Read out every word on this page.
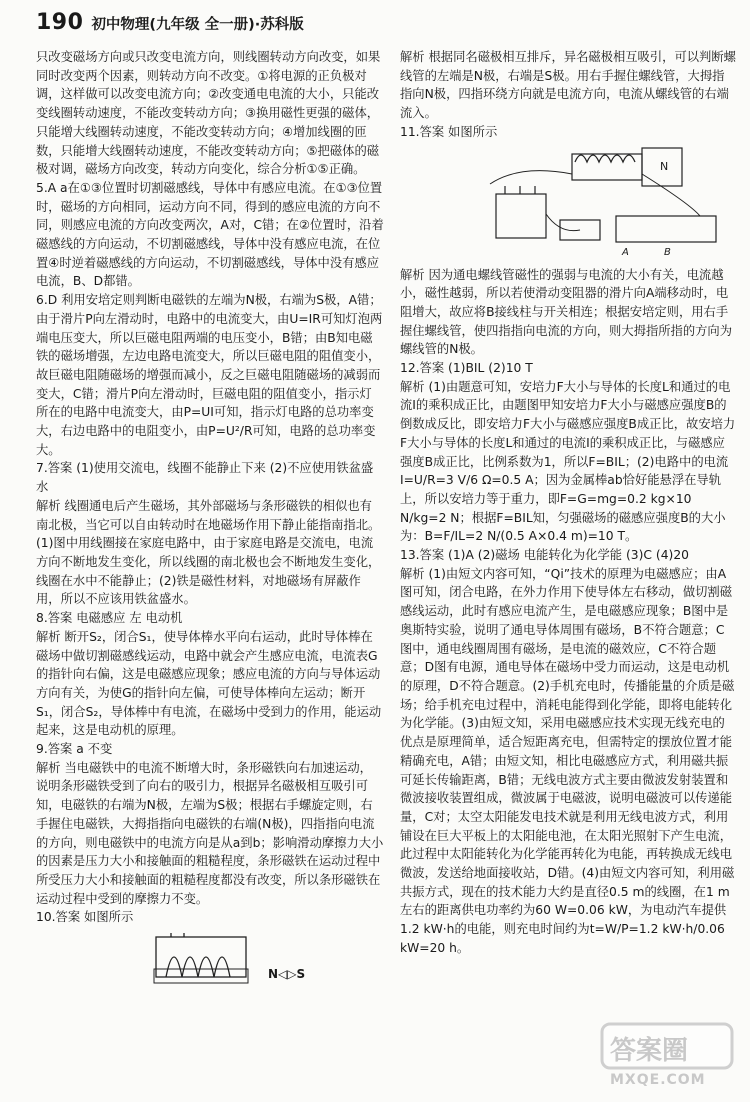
190 初中物理(九年级 全一册)·苏科版

只改变磁场方向或只改变电流方向，则线圈转动方向改变，如果同时改变两个因素，则转动方向不改变。①将电源的正负极对调，这样做可以改变电流方向；②改变通电电流的大小，只能改变线圈转动速度，不能改变转动方向；③换用磁性更强的磁体，只能增大线圈转动速度，不能改变转动方向；④增加线圈的匝数，只能增大线圈转动速度，不能改变转动方向；⑤把磁体的磁极对调，磁场方向改变，转动方向变化，综合分析①⑤正确。

5.A a在①③位置时切割磁感线，导体中有感应电流。在①③位置时，磁场的方向相同，运动方向不同，得到的感应电流的方向不同，则感应电流的方向改变两次，A对，C错；在②位置时，沿着磁感线的方向运动，不切割磁感线，导体中没有感应电流，在位置④时逆着磁感线的方向运动，不切割磁感线，导体中没有感应电流，B、D都错。

6.D 利用安培定则判断电磁铁的左端为N极，右端为S极，A错；由于滑片P向左滑动时，电路中的电流变大，由U=IR可知灯泡两端电压变大，所以巨磁电阻两端的电压变小，B错；由B知电磁铁的磁场增强，左边电路电流变大，所以巨磁电阻的阻值变小，故巨磁电阻随磁场的增强而减小，反之巨磁电阻随磁场的减弱而变大，C错；滑片P向左滑动时，巨磁电阻的阻值变小，指示灯所在的电路中电流变大，由P=UI可知，指示灯电路的总功率变大，右边电路中的电阻变小，由P=U²/R可知，电路的总功率变大。

7.答案 (1)使用交流电，线圈不能静止下来 (2)不应使用铁盆盛水

解析 线圈通电后产生磁场，其外部磁场与条形磁铁的相似也有南北极，当它可以自由转动时在地磁场作用下静止能指南指北。(1)图中用线圈接在家庭电路中，由于家庭电路是交流电，电流方向不断地发生变化，所以线圈的南北极也会不断地发生变化，线圈在水中不能静止；(2)铁是磁性材料，对地磁场有屏蔽作用，所以不应该用铁盆盛水。

8.答案 电磁感应 左 电动机

解析 断开S₂，闭合S₁，使导体棒水平向右运动，此时导体棒在磁场中做切割磁感线运动，电路中就会产生感应电流，电流表G的指针向右偏，这是电磁感应现象；感应电流的方向与导体运动方向有关，为使G的指针向左偏，可使导体棒向左运动；断开S₁，闭合S₂，导体棒中有电流，在磁场中受到力的作用，能运动起来，这是电动机的原理。

9.答案 a 不变

解析 当电磁铁中的电流不断增大时，条形磁铁向右加速运动，说明条形磁铁受到了向右的吸引力，根据异名磁极相互吸引可知，电磁铁的右端为N极，左端为S极；根据右手螺旋定则，右手握住电磁铁，大拇指指向电磁铁的右端(N极)，四指指向电流的方向，则电磁铁中的电流方向是从a到b；影响滑动摩擦力大小的因素是压力大小和接触面的粗糙程度，条形磁铁在运动过程中所受压力大小和接触面的粗糙程度都没有改变，所以条形磁铁在运动过程中受到的摩擦力不变。

10.答案 如图所示

N◁▷S

解析 根据同名磁极相互排斥，异名磁极相互吸引，可以判断螺线管的左端是N极，右端是S极。用右手握住螺线管，大拇指指向N极，四指环绕方向就是电流方向，电流从螺线管的右端流入。

11.答案 如图所示

N
A	B

解析 因为通电螺线管磁性的强弱与电流的大小有关，电流越小，磁性越弱，所以若使滑动变阻器的滑片向A端移动时，电阻增大，故应将B接线柱与开关相连；根据安培定则，用右手握住螺线管，使四指指向电流的方向，则大拇指所指的方向为螺线管的N极。

12.答案 (1)BIL (2)10 T

解析 (1)由题意可知，安培力F大小与导体的长度L和通过的电流I的乘积成正比，由题图甲知安培力F大小与磁感应强度B的倒数成反比，即安培力F大小与磁感应强度B成正比，故安培力F大小与导体的长度L和通过的电流I的乘积成正比，与磁感应强度B成正比，比例系数为1，所以F=BIL；(2)电路中的电流I=U/R=3 V/6 Ω=0.5 A；因为金属棒ab恰好能悬浮在导轨上，所以安培力等于重力，即F=G=mg=0.2 kg×10 N/kg=2 N；根据F=BIL知，匀强磁场的磁感应强度B的大小为：B=F/IL=2 N/(0.5 A×0.4 m)=10 T。

13.答案 (1)A (2)磁场 电能转化为化学能 (3)C (4)20

解析 (1)由短文内容可知，“Qi”技术的原理为电磁感应；由A图可知，闭合电路，在外力作用下使导体左右移动，做切割磁感线运动，此时有感应电流产生，是电磁感应现象；B图中是奥斯特实验，说明了通电导体周围有磁场，B不符合题意；C图中，通电线圈周围有磁场，是电流的磁效应，C不符合题意；D图有电源，通电导体在磁场中受力而运动，这是电动机的原理，D不符合题意。(2)手机充电时，传播能量的介质是磁场；给手机充电过程中，消耗电能得到化学能，即将电能转化为化学能。(3)由短文知，采用电磁感应技术实现无线充电的优点是原理简单，适合短距离充电，但需特定的摆放位置才能精确充电，A错；由短文知，相比电磁感应方式，利用磁共振可延长传输距离，B错；无线电波方式主要由微波发射装置和微波接收装置组成，微波属于电磁波，说明电磁波可以传递能量，C对；太空太阳能发电技术就是利用无线电波方式，利用铺设在巨大平板上的太阳能电池，在太阳光照射下产生电流，此过程中太阳能转化为化学能再转化为电能，再转换成无线电微波，发送给地面接收站，D错。(4)由短文内容可知，利用磁共振方式，现在的技术能力大约是直径0.5 m的线圈，在1 m左右的距离供电功率约为60 W=0.06 kW，为电动汽车提供1.2 kW·h的电能，则充电时间约为t=W/P=1.2 kW·h/0.06 kW=20 h。

答案圈
MXQE.COM
